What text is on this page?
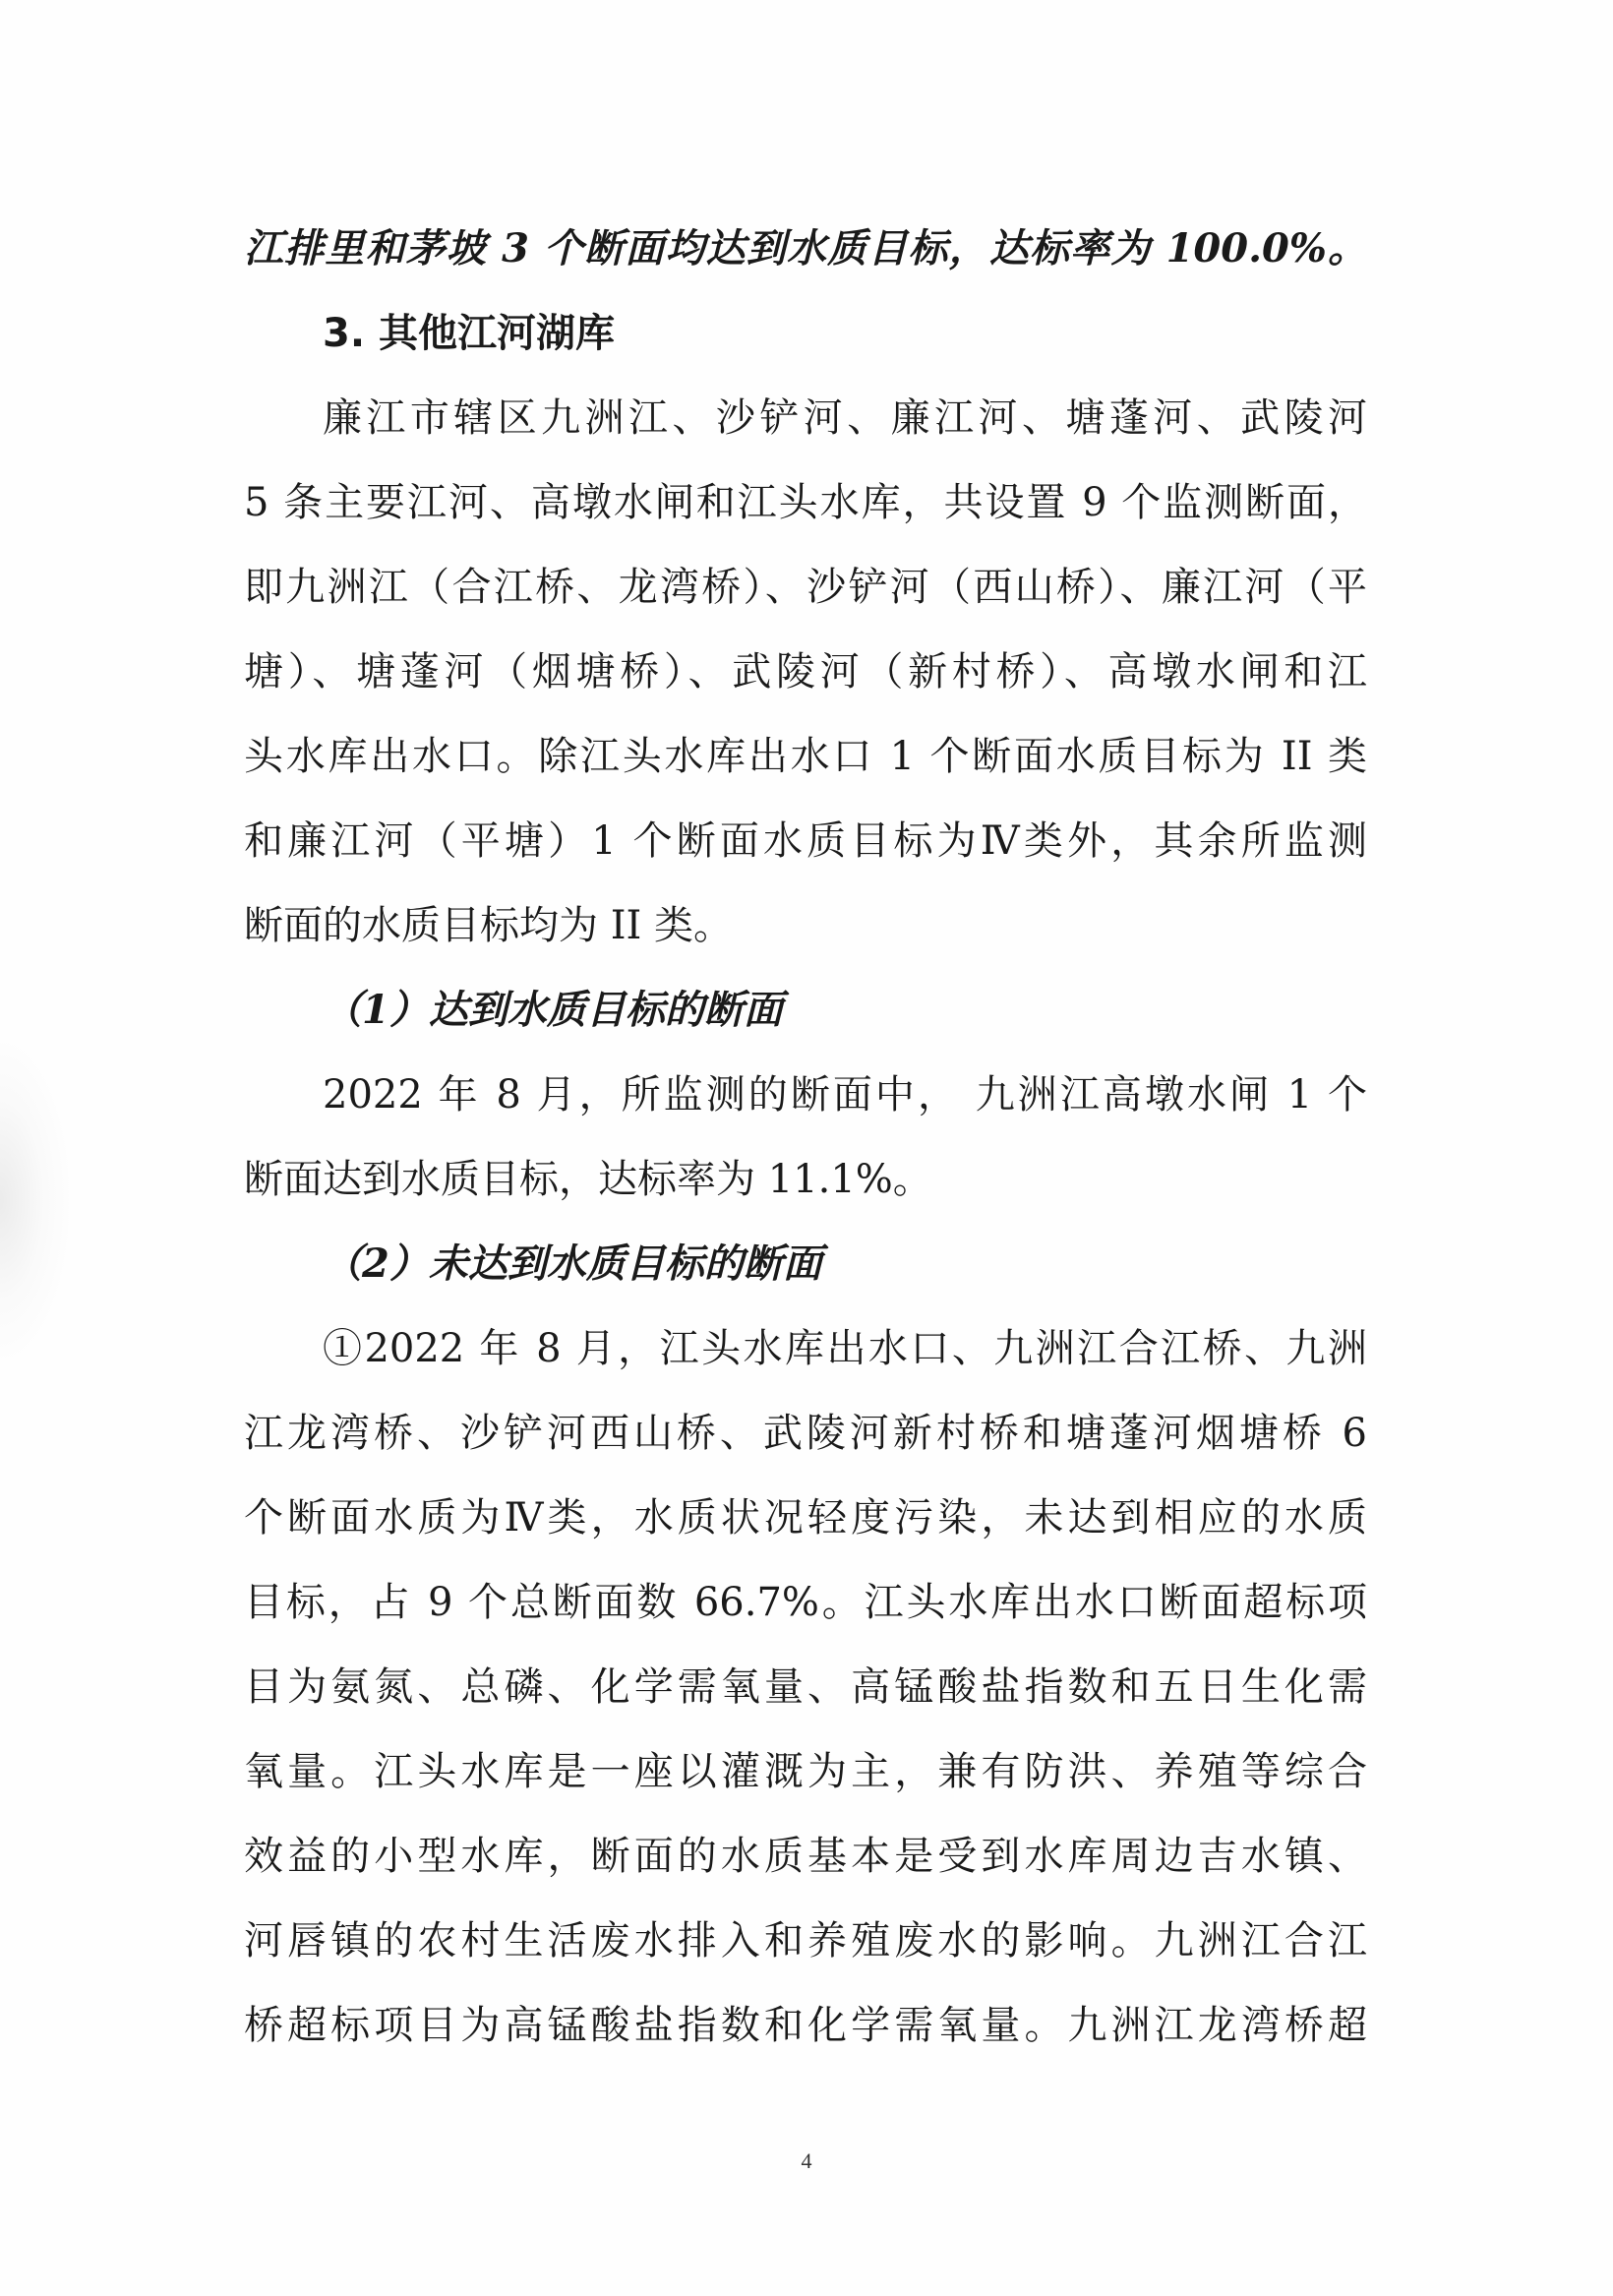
江排里和茅坡 3 个断面均达到水质目标，达标率为 100.0%。
3. 其他江河湖库
廉江市辖区九洲江、沙铲河、廉江河、塘蓬河、武陵河
5 条主要江河、高墩水闸和江头水库，共设置 9 个监测断面，
即九洲江（合江桥、龙湾桥）、沙铲河（西山桥）、廉江河（平
塘）、塘蓬河（烟塘桥）、武陵河（新村桥）、高墩水闸和江
头水库出水口。除江头水库出水口 1 个断面水质目标为 II 类
和廉江河（平塘）1 个断面水质目标为Ⅳ类外，其余所监测
断面的水质目标均为 II 类。
（1）达到水质目标的断面
2022 年 8 月，所监测的断面中， 九洲江高墩水闸 1 个
断面达到水质目标，达标率为 11.1%。
（2）未达到水质目标的断面
①2022 年 8 月，江头水库出水口、九洲江合江桥、九洲
江龙湾桥、沙铲河西山桥、武陵河新村桥和塘蓬河烟塘桥 6
个断面水质为Ⅳ类，水质状况轻度污染，未达到相应的水质
目标，占 9 个总断面数 66.7%。江头水库出水口断面超标项
目为氨氮、总磷、化学需氧量、高锰酸盐指数和五日生化需
氧量。江头水库是一座以灌溉为主，兼有防洪、养殖等综合
效益的小型水库，断面的水质基本是受到水库周边吉水镇、
河唇镇的农村生活废水排入和养殖废水的影响。九洲江合江
桥超标项目为高锰酸盐指数和化学需氧量。九洲江龙湾桥超
4
